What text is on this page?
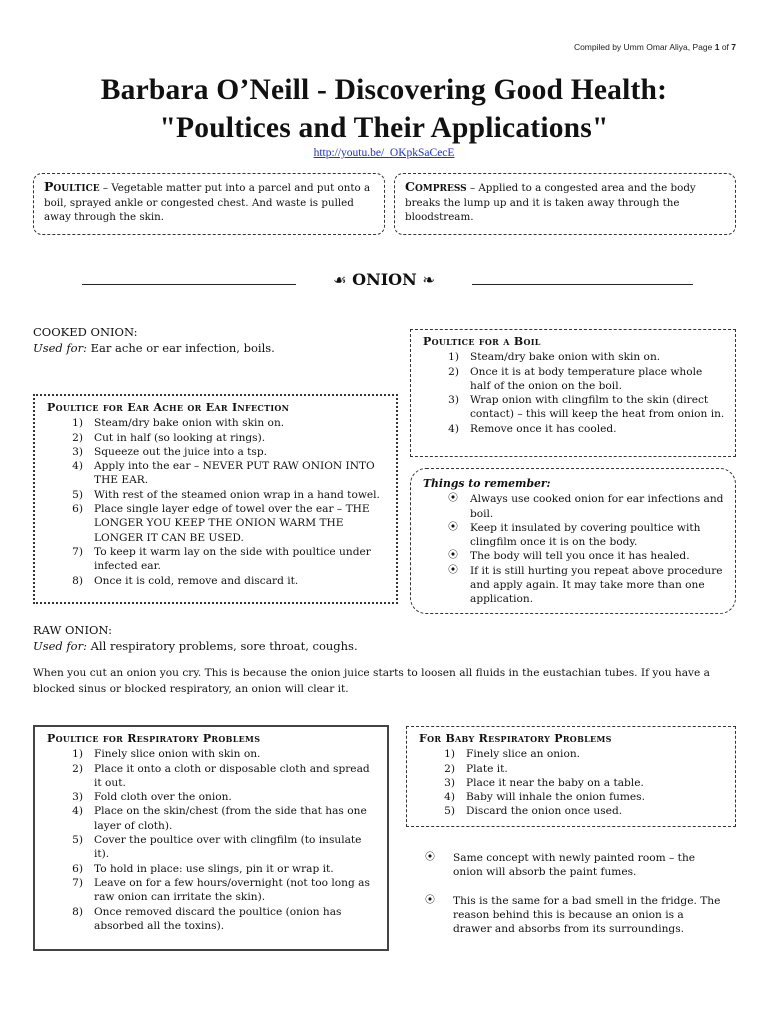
Compiled by Umm Omar Aliya, Page 1 of 7
Barbara O’Neill - Discovering Good Health:
"Poultices and Their Applications"
http://youtu.be/_OKpkSaCecE
Poultice – Vegetable matter put into a parcel and put onto a boil, sprayed ankle or congested chest. And waste is pulled away through the skin.
Compress – Applied to a congested area and the body breaks the lump up and it is taken away through the bloodstream.
☙ ONION ❧
COOKED ONION:
Used for: Ear ache or ear infection, boils.	Poultice for a Boil
1) Steam/dry bake onion with skin on.
2) Once it is at body temperature place whole half of the onion on the boil.
3) Wrap onion with clingfilm to the skin (direct contact) – this will keep the heat from onion in.
4) Remove once it has cooled.
Poultice for Ear Ache or Ear Infection
1) Steam/dry bake onion with skin on.
2) Cut in half (so looking at rings).
3) Squeeze out the juice into a tsp.
4) Apply into the ear – NEVER PUT RAW ONION INTO THE EAR.
5) With rest of the steamed onion wrap in a hand towel.
6) Place single layer edge of towel over the ear – THE LONGER YOU KEEP THE ONION WARM THE LONGER IT CAN BE USED.
7) To keep it warm lay on the side with poultice under infected ear.
8) Once it is cold, remove and discard it.
Things to remember:
⦿ Always use cooked onion for ear infections and boil.
⦿ Keep it insulated by covering poultice with clingfilm once it is on the body.
⦿ The body will tell you once it has healed.
⦿ If it is still hurting you repeat above procedure and apply again. It may take more than one application.
RAW ONION:
Used for: All respiratory problems, sore throat, coughs.
When you cut an onion you cry. This is because the onion juice starts to loosen all fluids in the eustachian tubes. If you have a blocked sinus or blocked respiratory, an onion will clear it.
Poultice for Respiratory Problems
1) Finely slice onion with skin on.
2) Place it onto a cloth or disposable cloth and spread it out.
3) Fold cloth over the onion.
4) Place on the skin/chest (from the side that has one layer of cloth).
5) Cover the poultice over with clingfilm (to insulate it).
6) To hold in place: use slings, pin it or wrap it.
7) Leave on for a few hours/overnight (not too long as raw onion can irritate the skin).
8) Once removed discard the poultice (onion has absorbed all the toxins).
For Baby Respiratory Problems
1) Finely slice an onion.
2) Plate it.
3) Place it near the baby on a table.
4) Baby will inhale the onion fumes.
5) Discard the onion once used.
⦿ Same concept with newly painted room – the onion will absorb the paint fumes.
⦿ This is the same for a bad smell in the fridge. The reason behind this is because an onion is a drawer and absorbs from its surroundings.
